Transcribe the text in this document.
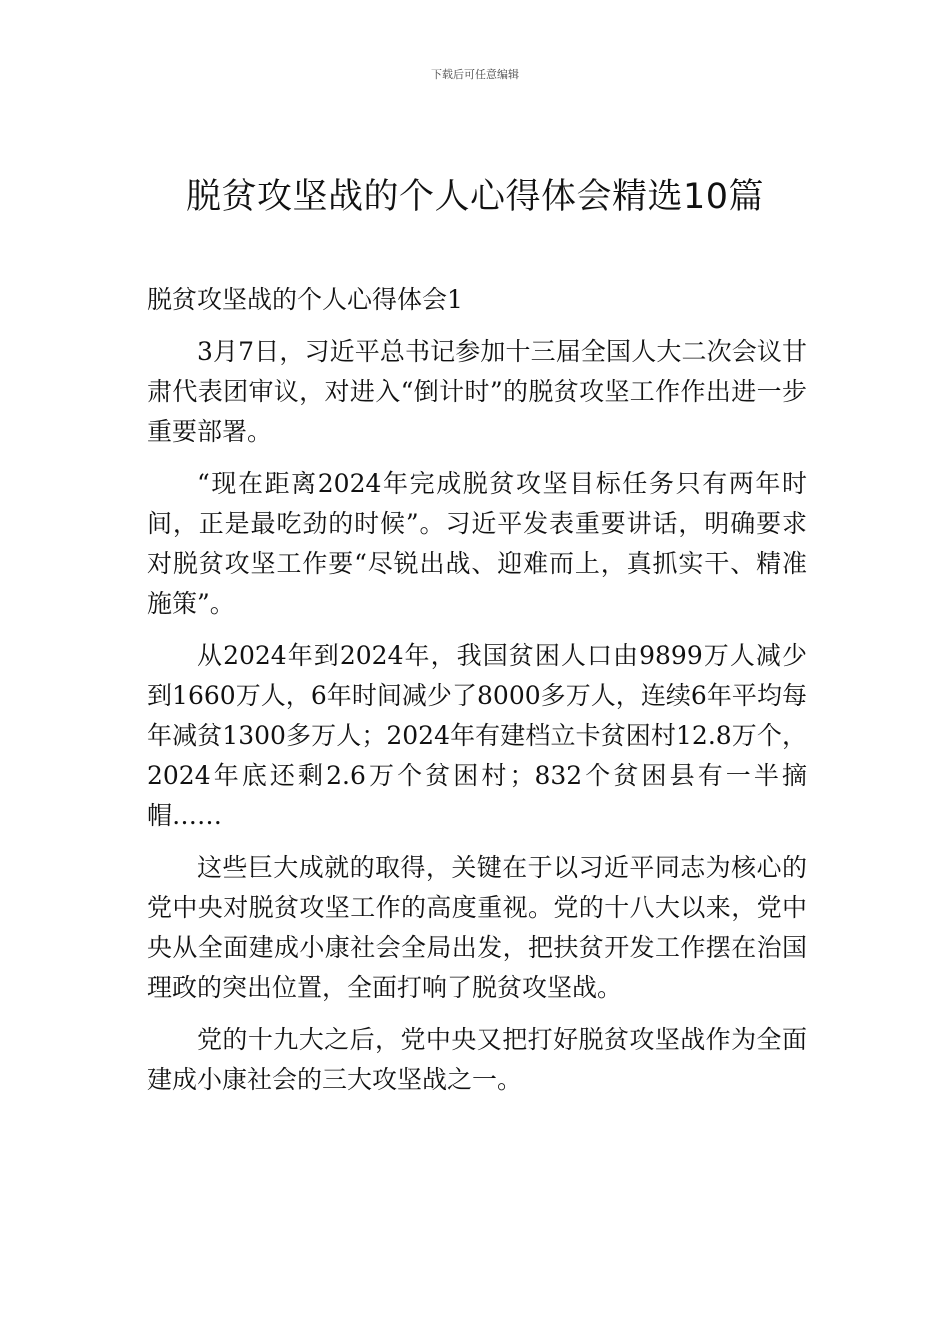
下载后可任意编辑
脱贫攻坚战的个人心得体会精选10篇

脱贫攻坚战的个人心得体会1

3月7日，习近平总书记参加十三届全国人大二次会议甘肃代表团审议，对进入“倒计时”的脱贫攻坚工作作出进一步重要部署。

“现在距离2024年完成脱贫攻坚目标任务只有两年时间，正是最吃劲的时候”。习近平发表重要讲话，明确要求对脱贫攻坚工作要“尽锐出战、迎难而上，真抓实干、精准施策”。

从2024年到2024年，我国贫困人口由9899万人减少到1660万人，6年时间减少了8000多万人，连续6年平均每年减贫1300多万人；2024年有建档立卡贫困村12.8万个，2024年底还剩2.6万个贫困村；832个贫困县有一半摘帽……

这些巨大成就的取得，关键在于以习近平同志为核心的党中央对脱贫攻坚工作的高度重视。党的十八大以来，党中央从全面建成小康社会全局出发，把扶贫开发工作摆在治国理政的突出位置，全面打响了脱贫攻坚战。

党的十九大之后，党中央又把打好脱贫攻坚战作为全面建成小康社会的三大攻坚战之一。
